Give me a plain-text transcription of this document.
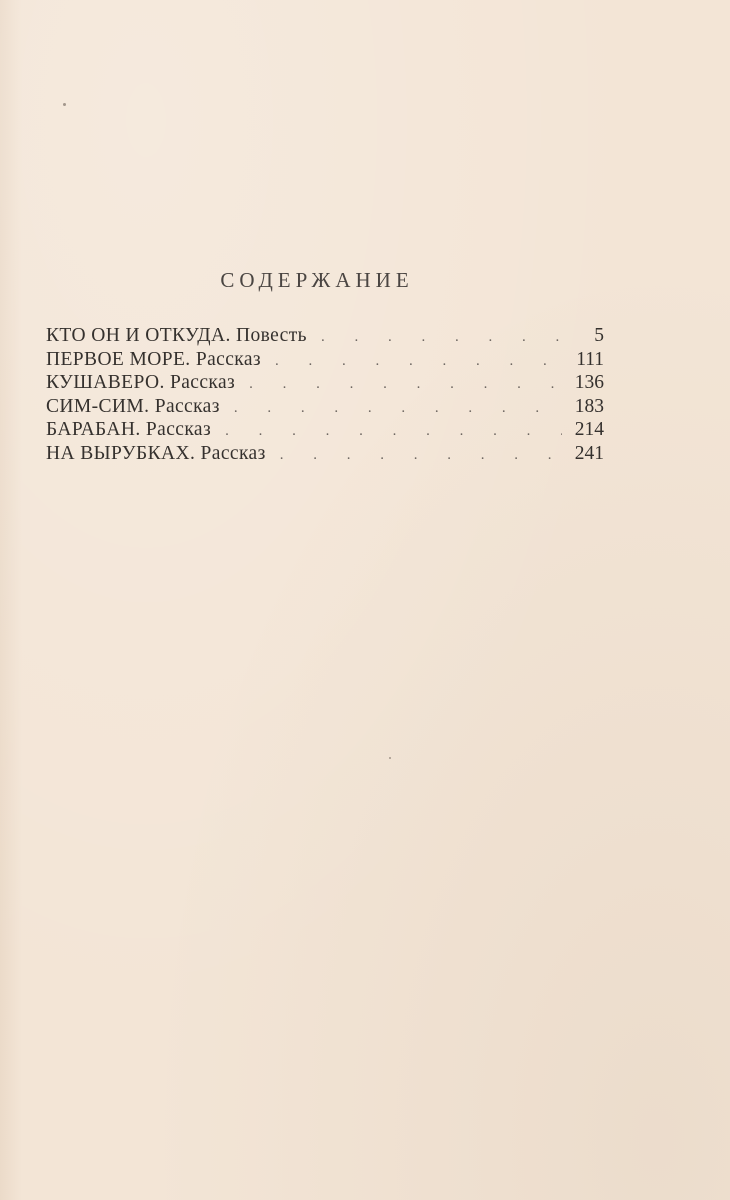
СОДЕРЖАНИЕ
КТО ОН И ОТКУДА. Повесть . . .	5
ПЕРВОЕ МОРЕ. Рассказ . . .	111
КУШАВЕРО. Рассказ . . .	136
СИМ-СИМ. Рассказ . . .	183
БАРАБАН. Рассказ . . .	214
НА ВЫРУБКАХ. Рассказ . . .	241
